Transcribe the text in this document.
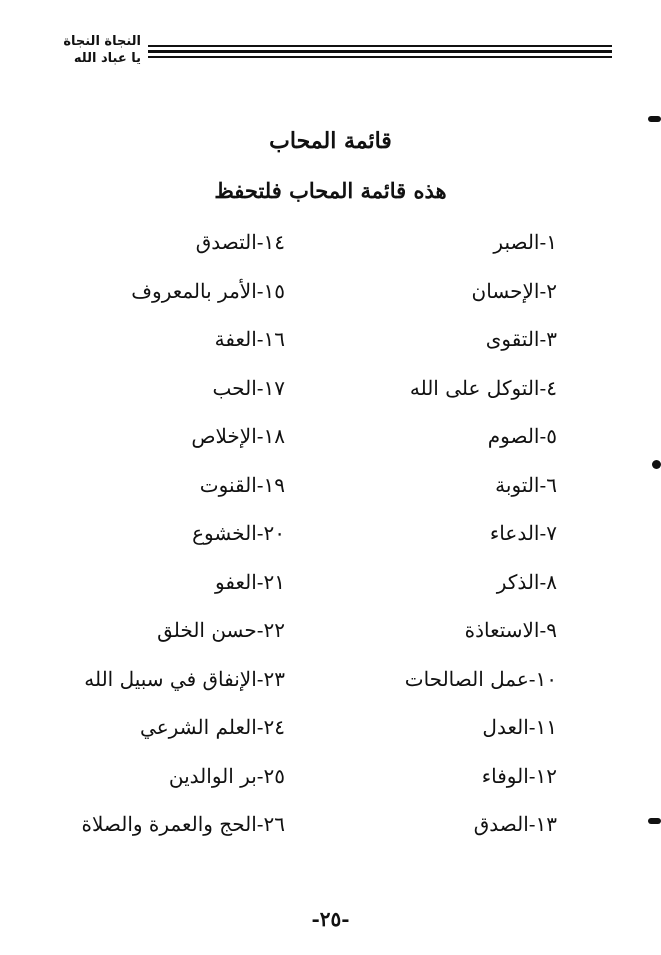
النجاة النجاة
يا عباد الله
قائمة المحاب
هذه قائمة المحاب فلتحفظ
١-الصبر
٢-الإحسان
٣-التقوى
٤-التوكل على الله
٥-الصوم
٦-التوبة
٧-الدعاء
٨-الذكر
٩-الاستعاذة
١٠-عمل الصالحات
١١-العدل
١٢-الوفاء
١٣-الصدق
١٤-التصدق
١٥-الأمر بالمعروف
١٦-العفة
١٧-الحب
١٨-الإخلاص
١٩-القنوت
٢٠-الخشوع
٢١-العفو
٢٢-حسن الخلق
٢٣-الإنفاق في سبيل الله
٢٤-العلم الشرعي
٢٥-بر الوالدين
٢٦-الحج والعمرة والصلاة
-٢٥-
